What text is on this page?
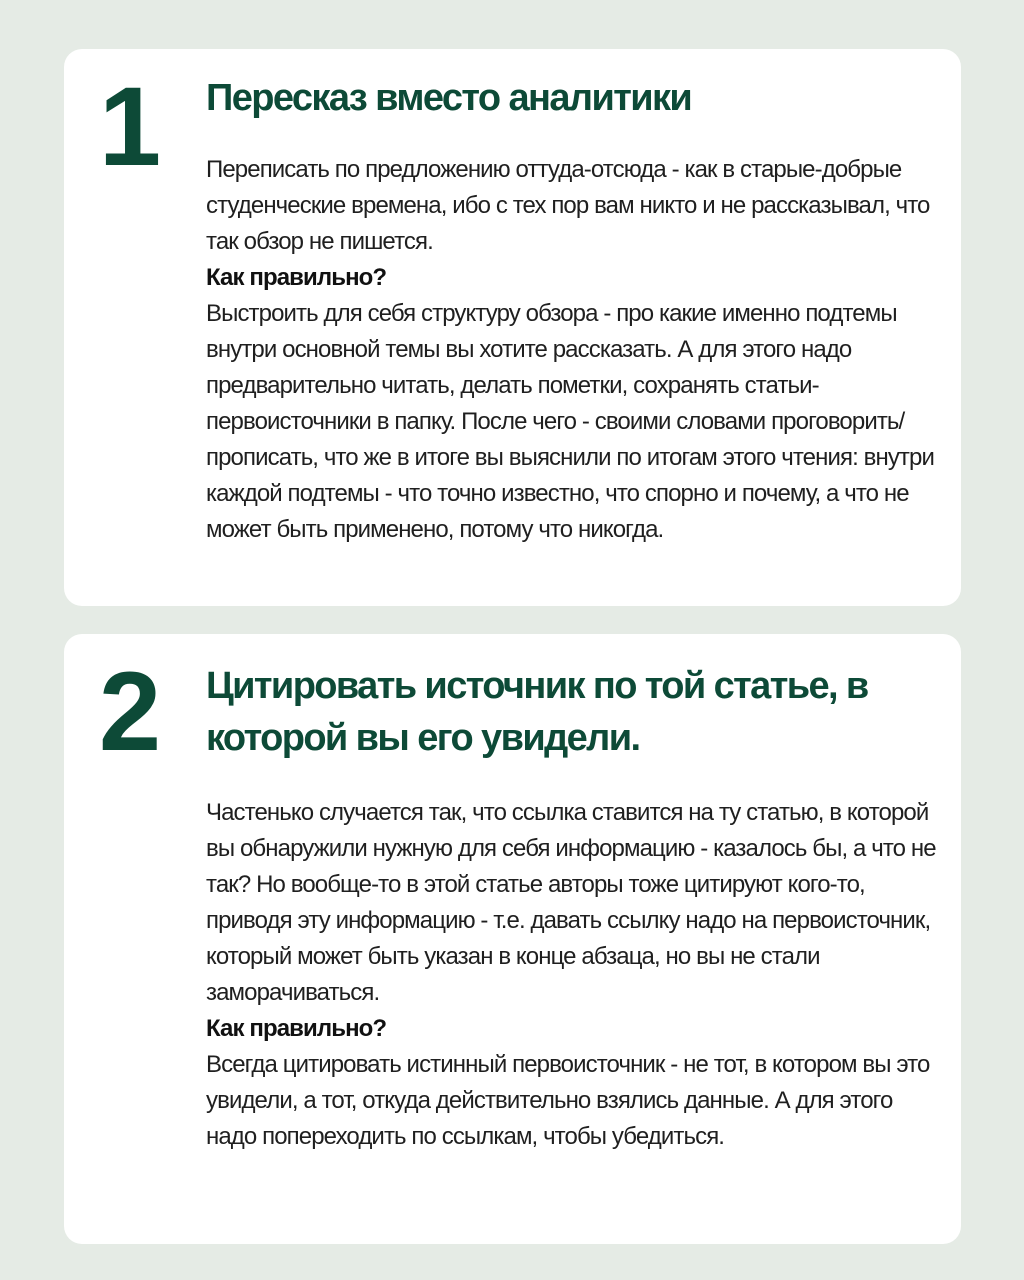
1	Пересказ вместо аналитики

Переписать по предложению оттуда-отсюда - как в старые-добрые студенческие времена, ибо с тех пор вам никто и не рассказывал, что так обзор не пишется.

Как правильно?

Выстроить для себя структуру обзора - про какие именно подтемы внутри основной темы вы хотите рассказать. А для этого надо предварительно читать, делать пометки, сохранять статьи-первоисточники в папку. После чего - своими словами проговорить/прописать, что же в итоге вы выяснили по итогам этого чтения: внутри каждой подтемы - что точно известно, что спорно и почему, а что не может быть применено, потому что никогда.

2	Цитировать источник по той статье, в которой вы его увидели.

Частенько случается так, что ссылка ставится на ту статью, в которой вы обнаружили нужную для себя информацию - казалось бы, а что не так? Но вообще-то в этой статье авторы тоже цитируют кого-то, приводя эту информацию - т.е. давать ссылку надо на первоисточник, который может быть указан в конце абзаца, но вы не стали заморачиваться.

Как правильно?

Всегда цитировать истинный первоисточник - не тот, в котором вы это увидели, а тот, откуда действительно взялись данные. А для этого надо попереходить по ссылкам, чтобы убедиться.
